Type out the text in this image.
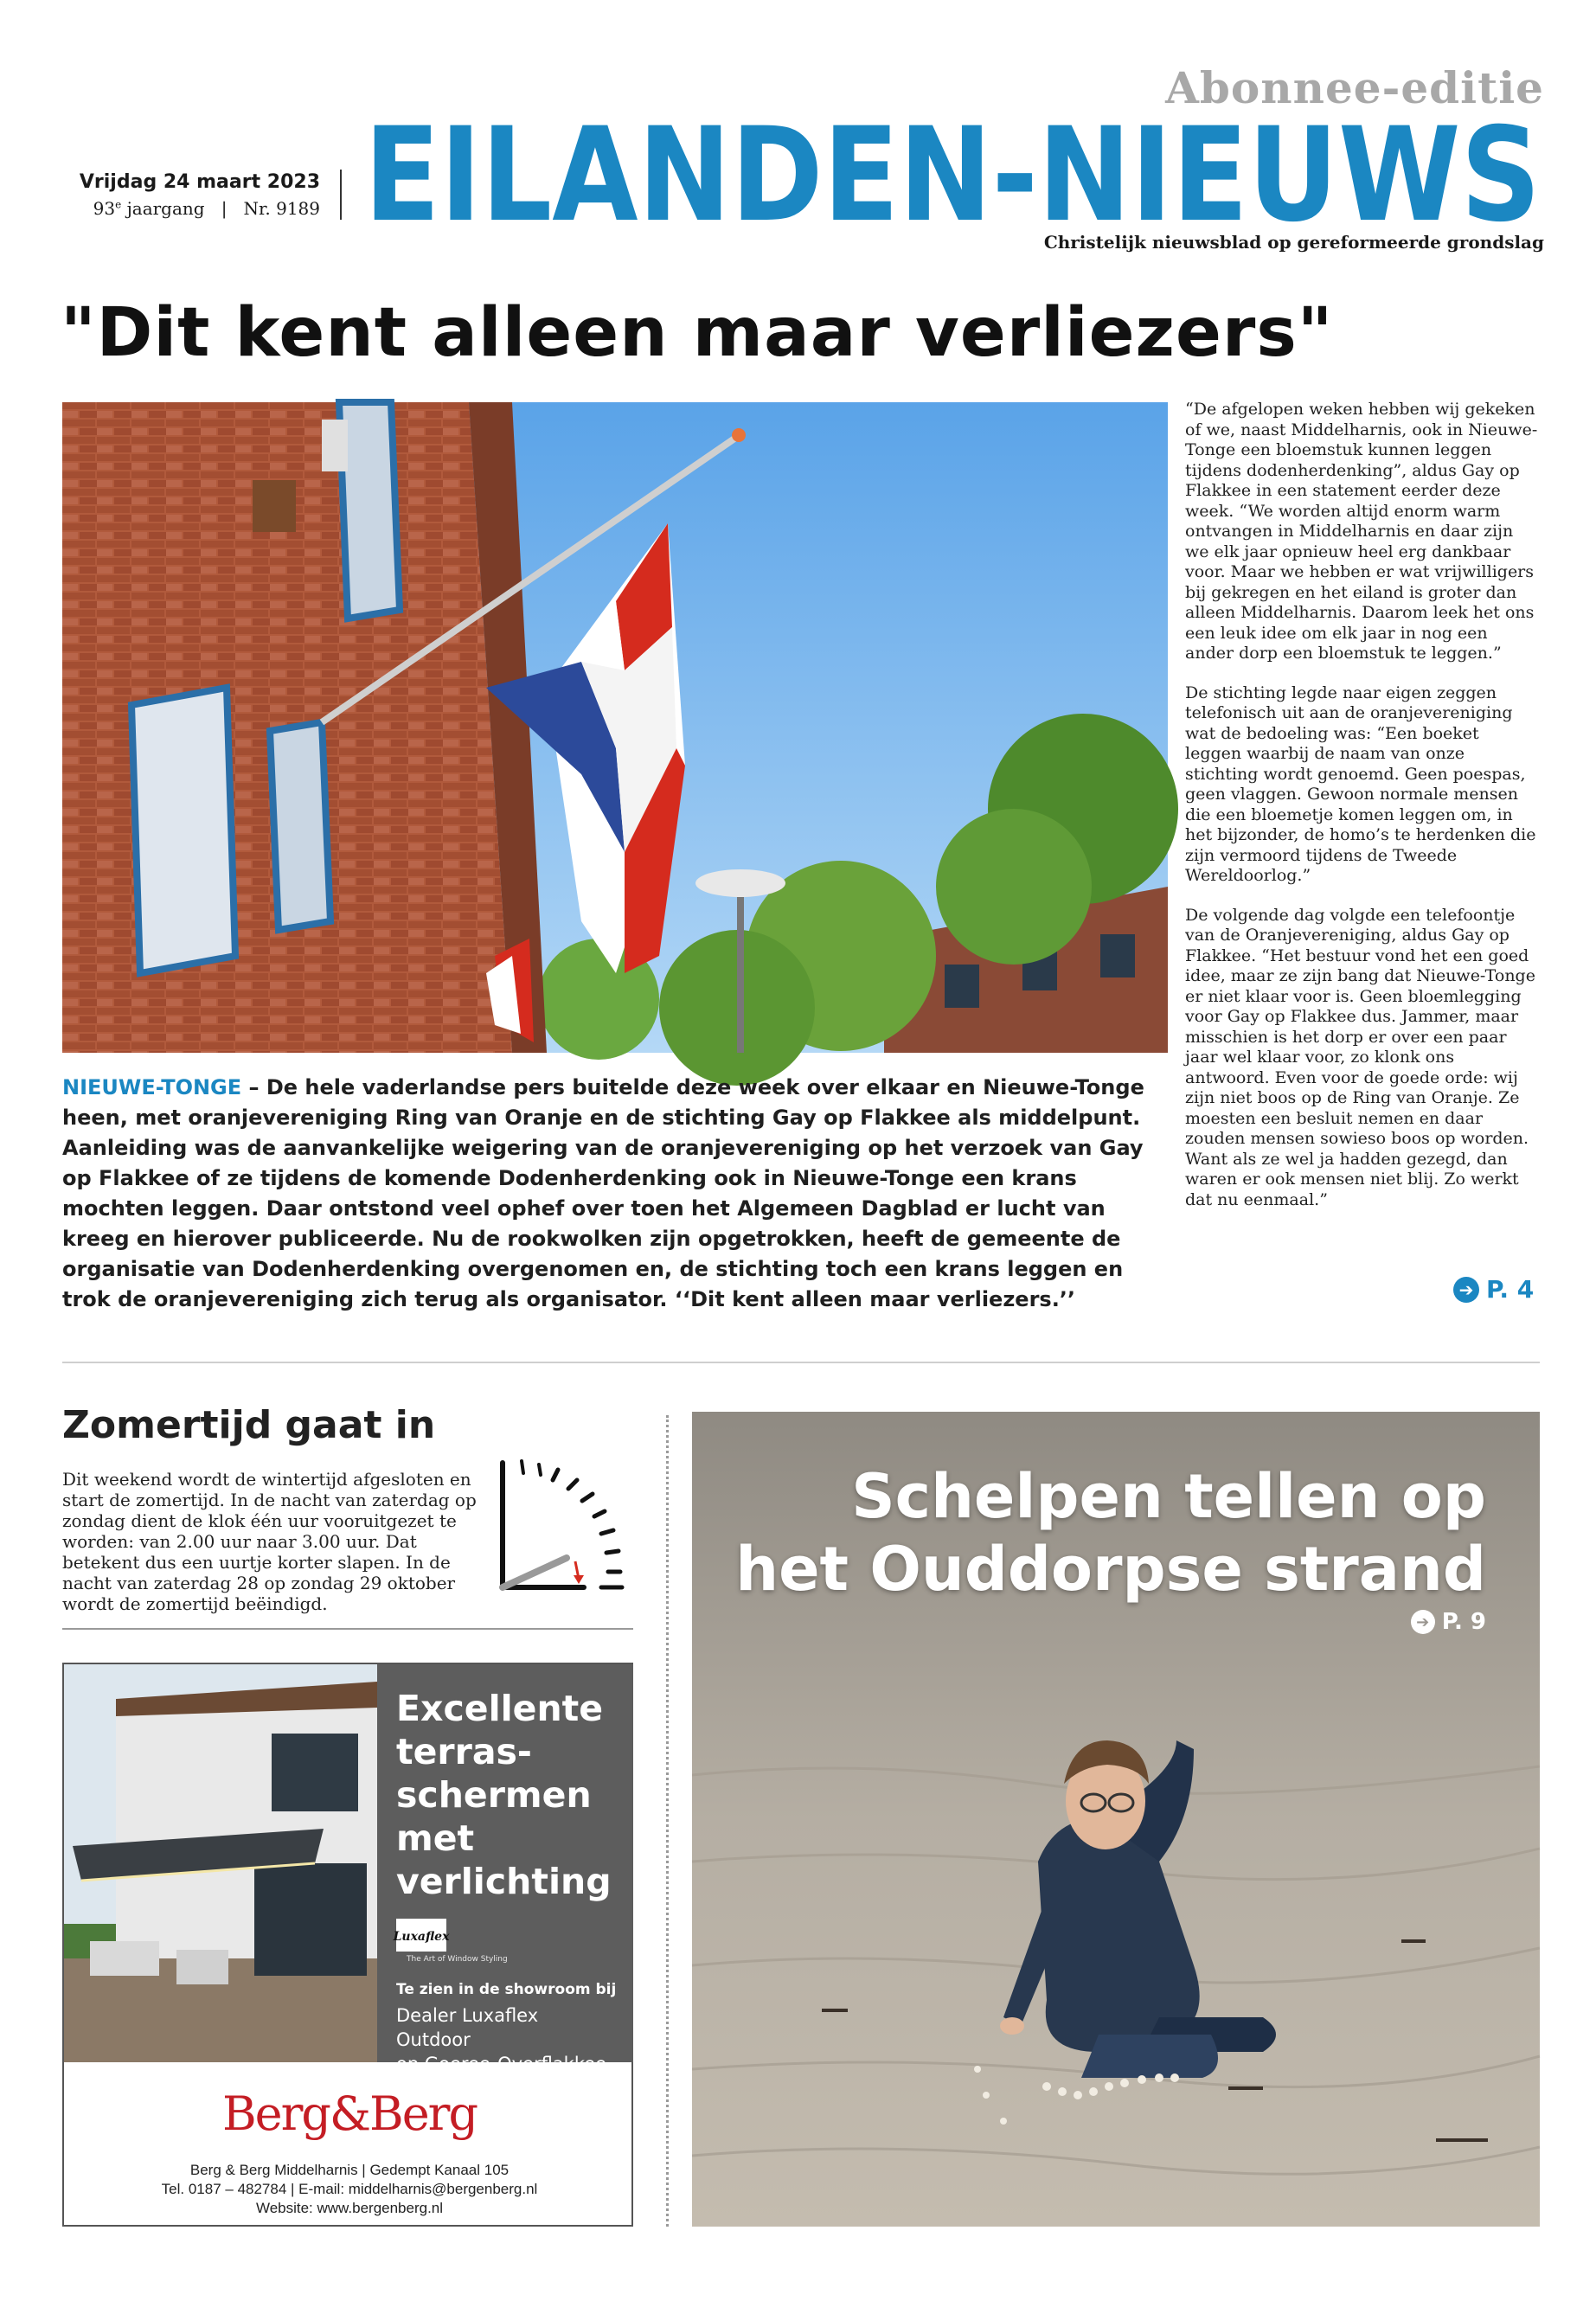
Abonnee-editie
EILANDEN-NIEUWS
Vrijdag 24 maart 2023
93e jaargang | Nr. 9189
Christelijk nieuwsblad op gereformeerde grondslag
"Dit kent alleen maar verliezers"

NIEUWE-TONGE – De hele vaderlandse pers buitelde deze week over elkaar en Nieuwe-Tonge heen, met oranjevereniging Ring van Oranje en de stichting Gay op Flakkee als middelpunt. Aanleiding was de aanvankelijke weigering van de oranjevereniging op het verzoek van Gay op Flakkee of ze tijdens de komende Dodenherdenking ook in Nieuwe-Tonge een krans mochten leggen. Daar ontstond veel ophef over toen het Algemeen Dagblad er lucht van kreeg en hierover publiceerde. Nu de rookwolken zijn opgetrokken, heeft de gemeente de organisatie van Dodenherdenking overgenomen en, de stichting toch een krans leggen en trok de oranjevereniging zich terug als organisator. ‘‘Dit kent alleen maar verliezers.’’

“De afgelopen weken hebben wij gekeken of we, naast Middelharnis, ook in Nieuwe-Tonge een bloemstuk kunnen leggen tijdens dodenherdenking”, aldus Gay op Flakkee in een statement eerder deze week. “We worden altijd enorm warm ontvangen in Middelharnis en daar zijn we elk jaar opnieuw heel erg dankbaar voor. Maar we hebben er wat vrijwilligers bij gekregen en het eiland is groter dan alleen Middelharnis. Daarom leek het ons een leuk idee om elk jaar in nog een ander dorp een bloemstuk te leggen.”

De stichting legde naar eigen zeggen telefonisch uit aan de oranjevereniging wat de bedoeling was: “Een boeket leggen waarbij de naam van onze stichting wordt genoemd. Geen poespas, geen vlaggen. Gewoon normale mensen die een bloemetje komen leggen om, in het bijzonder, de homo’s te herdenken die zijn vermoord tijdens de Tweede Wereldoorlog.”

De volgende dag volgde een telefoontje van de Oranjevereniging, aldus Gay op Flakkee. “Het bestuur vond het een goed idee, maar ze zijn bang dat Nieuwe-Tonge er niet klaar voor is. Geen bloemlegging voor Gay op Flakkee dus. Jammer, maar misschien is het dorp er over een paar jaar wel klaar voor, zo klonk ons antwoord. Even voor de goede orde: wij zijn niet boos op de Ring van Oranje. Ze moesten een besluit nemen en daar zouden mensen sowieso boos op worden. Want als ze wel ja hadden gezegd, dan waren er ook mensen niet blij. Zo werkt dat nu eenmaal.”

➔ P. 4
Zomertijd gaat in

Dit weekend wordt de wintertijd afgesloten en start de zomertijd. In de nacht van zaterdag op zondag dient de klok één uur vooruitgezet te worden: van 2.00 uur naar 3.00 uur. Dat betekent dus een uurtje korter slapen. In de nacht van zaterdag 28 op zondag 29 oktober wordt de zomertijd beëindigd.

Excellente
terras-
schermen
met
verlichting
Luxaflex
The Art of Window Styling
Te zien in de showroom bij
Dealer Luxaflex Outdoor
op Goeree-Overflakkee
Berg&Berg
Berg & Berg Middelharnis | Gedempt Kanaal 105
Tel. 0187 – 482784 | E-mail: middelharnis@bergenberg.nl
Website: www.bergenberg.nl
Schelpen tellen op
het Ouddorpse strand
➔ P. 9
